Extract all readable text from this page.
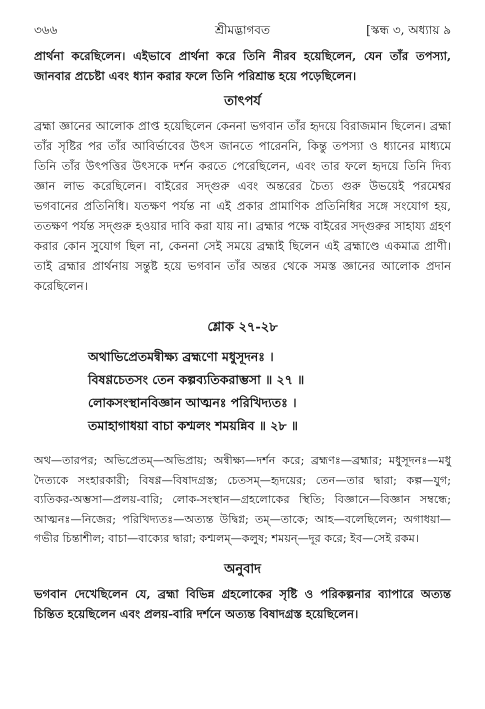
৩৬৬	শ্রীমদ্ভাগবত	[স্কন্ধ ৩, অধ্যায় ৯

প্রার্থনা করেছিলেন। এইভাবে প্রার্থনা করে তিনি নীরব হয়েছিলেন, যেন তাঁর তপস্যা, জানবার প্রচেষ্টা এবং ধ্যান করার ফলে তিনি পরিশ্রান্ত হয়ে পড়েছিলেন।

তাৎপর্য

ব্রহ্মা জ্ঞানের আলোক প্রাপ্ত হয়েছিলেন কেননা ভগবান তাঁর হৃদয়ে বিরাজমান ছিলেন। ব্রহ্মা তাঁর সৃষ্টির পর তাঁর আবির্ভাবের উৎস জানতে পারেননি, কিন্তু তপস্যা ও ধ্যানের মাধ্যমে তিনি তাঁর উৎপত্তির উৎসকে দর্শন করতে পেরেছিলেন, এবং তার ফলে হৃদয়ে তিনি দিব্য জ্ঞান লাভ করেছিলেন। বাইরের সদ্‌গুরু এবং অন্তরের চৈত্য গুরু উভয়েই পরমেশ্বর ভগবানের প্রতিনিধি। যতক্ষণ পর্যন্ত না এই প্রকার প্রামাণিক প্রতিনিধির সঙ্গে সংযোগ হয়, ততক্ষণ পর্যন্ত সদ্‌গুরু হওয়ার দাবি করা যায় না। ব্রহ্মার পক্ষে বাইরের সদ্‌গুরুর সাহায্য গ্রহণ করার কোন সুযোগ ছিল না, কেননা সেই সময়ে ব্রহ্মাই ছিলেন এই ব্রহ্মাণ্ডে একমাত্র প্রাণী। তাই ব্রহ্মার প্রার্থনায় সন্তুষ্ট হয়ে ভগবান তাঁর অন্তর থেকে সমস্ত জ্ঞানের আলোক প্রদান করেছিলেন।

শ্লোক ২৭-২৮
অথাভিপ্রেতমন্বীক্ষ্য ব্রহ্মণো মধুসূদনঃ ।
বিষণ্ণচেতসং তেন কল্পব্যতিকরাম্ভসা ॥ ২৭ ॥
লোকসংস্থানবিজ্ঞান আত্মনঃ পরিখিদ্যতঃ ।
তমাহাগাধয়া বাচা কশ্মলং শময়ন্নিব ॥ ২৮ ॥

অথ—তারপর; অভিপ্রেতম্‌—অভিপ্রায়; অন্বীক্ষ্য—দর্শন করে; ব্রহ্মণঃ—ব্রহ্মার; মধুসূদনঃ—মধু দৈত্যকে সংহারকারী; বিষণ্ণ—বিষাদগ্রস্ত; চেতসম্‌—হৃদয়ের; তেন—তার দ্বারা; কল্প—যুগ; ব্যতিকর-অম্ভসা—প্রলয়-বারি; লোক-সংস্থান—গ্রহলোকের স্থিতি; বিজ্ঞানে—বিজ্ঞান সম্বন্ধে; আত্মনঃ—নিজের; পরিখিদ্যতঃ—অত্যন্ত উদ্বিগ্ন; তম্‌—তাকে; আহ—বলেছিলেন; অগাধয়া—গভীর চিন্তাশীল; বাচা—বাক্যের দ্বারা; কশ্মলম্‌—কলুষ; শময়ন্‌—দূর করে; ইব—সেই রকম।

অনুবাদ

ভগবান দেখেছিলেন যে, ব্রহ্মা বিভিন্ন গ্রহলোকের সৃষ্টি ও পরিকল্পনার ব্যাপারে অত্যন্ত চিন্তিত হয়েছিলেন এবং প্রলয়-বারি দর্শনে অত্যন্ত বিষাদগ্রস্ত হয়েছিলেন।
